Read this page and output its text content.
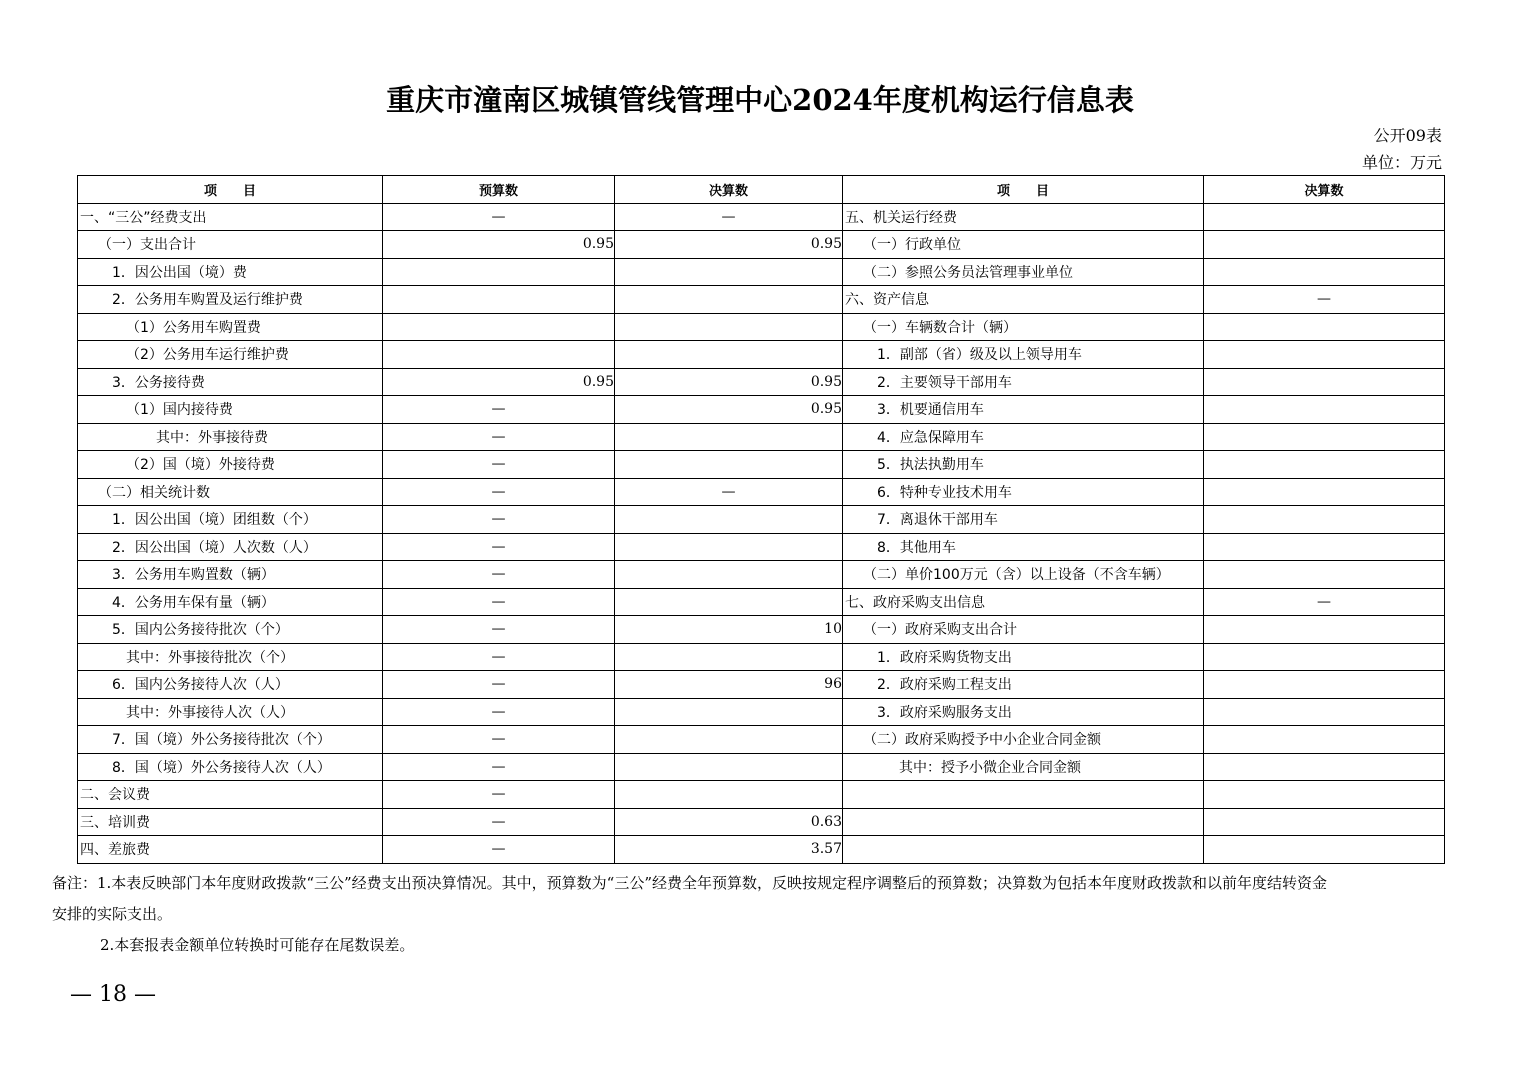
重庆市潼南区城镇管线管理中心2024年度机构运行信息表
公开09表
单位：万元
项　　目	预算数	决算数	项　　目	决算数
一、“三公”经费支出	—	—	五、机关运行经费	
（一）支出合计	0.95	0.95	（一）行政单位	
1．因公出国（境）费			（二）参照公务员法管理事业单位	
2．公务用车购置及运行维护费			六、资产信息	—
（1）公务用车购置费			（一）车辆数合计（辆）	
（2）公务用车运行维护费			1．副部（省）级及以上领导用车	
3．公务接待费	0.95	0.95	2．主要领导干部用车	
（1）国内接待费	—	0.95	3．机要通信用车	
其中：外事接待费	—		4．应急保障用车	
（2）国（境）外接待费	—		5．执法执勤用车	
（二）相关统计数	—	—	6．特种专业技术用车	
1．因公出国（境）团组数（个）	—		7．离退休干部用车	
2．因公出国（境）人次数（人）	—		8．其他用车	
3．公务用车购置数（辆）	—		（二）单价100万元（含）以上设备（不含车辆）	
4．公务用车保有量（辆）	—		七、政府采购支出信息	—
5．国内公务接待批次（个）	—	10	（一）政府采购支出合计	
其中：外事接待批次（个）	—		1．政府采购货物支出	
6．国内公务接待人次（人）	—	96	2．政府采购工程支出	
其中：外事接待人次（人）	—		3．政府采购服务支出	
7．国（境）外公务接待批次（个）	—		（二）政府采购授予中小企业合同金额	
8．国（境）外公务接待人次（人）	—		其中：授予小微企业合同金额	
二、会议费	—			
三、培训费	—	0.63		
四、差旅费	—	3.57		
备注：1.本表反映部门本年度财政拨款“三公”经费支出预决算情况。其中，预算数为“三公”经费全年预算数，反映按规定程序调整后的预算数；决算数为包括本年度财政拨款和以前年度结转资金
安排的实际支出。
2.本套报表金额单位转换时可能存在尾数误差。
— 18 —
